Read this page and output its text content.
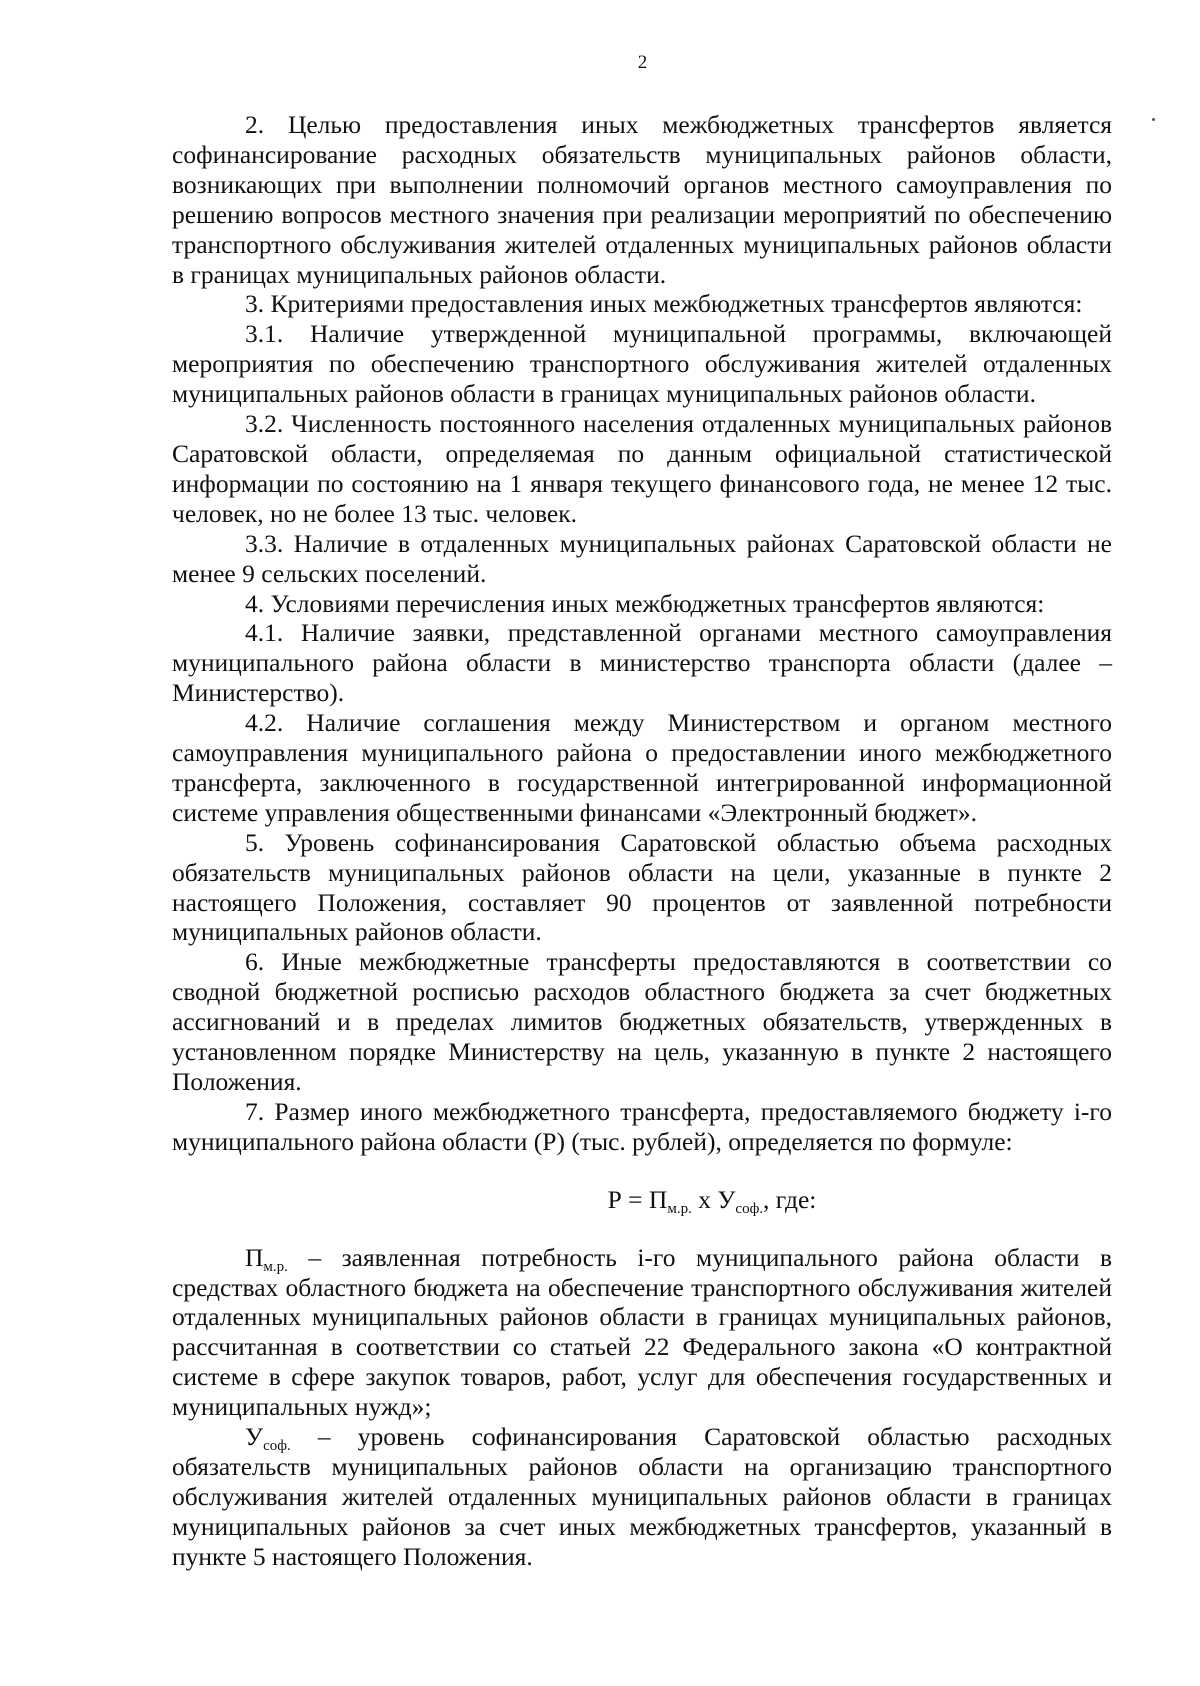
2

2. Целью предоставления иных межбюджетных трансфертов является софинансирование расходных обязательств муниципальных районов области, возникающих при выполнении полномочий органов местного самоуправления по решению вопросов местного значения при реализации мероприятий по обеспечению транспортного обслуживания жителей отдаленных муниципальных районов области в границах муниципальных районов области.

3. Критериями предоставления иных межбюджетных трансфертов являются:

3.1. Наличие утвержденной муниципальной программы, включающей мероприятия по обеспечению транспортного обслуживания жителей отдаленных муниципальных районов области в границах муниципальных районов области.

3.2. Численность постоянного населения отдаленных муниципальных районов Саратовской области, определяемая по данным официальной статистической информации по состоянию на 1 января текущего финансового года, не менее 12 тыс. человек, но не более 13 тыс. человек.

3.3. Наличие в отдаленных муниципальных районах Саратовской области не менее 9 сельских поселений.

4. Условиями перечисления иных межбюджетных трансфертов являются:

4.1. Наличие заявки, представленной органами местного самоуправления муниципального района области в министерство транспорта области (далее – Министерство).

4.2. Наличие соглашения между Министерством и органом местного самоуправления муниципального района о предоставлении иного межбюджетного трансферта, заключенного в государственной интегрированной информационной системе управления общественными финансами «Электронный бюджет».

5. Уровень софинансирования Саратовской областью объема расходных обязательств муниципальных районов области на цели, указанные в пункте 2 настоящего Положения, составляет 90 процентов от заявленной потребности муниципальных районов области.

6. Иные межбюджетные трансферты предоставляются в соответствии со сводной бюджетной росписью расходов областного бюджета за счет бюджетных ассигнований и в пределах лимитов бюджетных обязательств, утвержденных в установленном порядке Министерству на цель, указанную в пункте 2 настоящего Положения.

7. Размер иного межбюджетного трансферта, предоставляемого бюджету i-го муниципального района области (Р) (тыс. рублей), определяется по формуле:

$Р = П_{м.р.}$ х $У_{соф.}$, где:

$П_{м.р.}$ – заявленная потребность i-го муниципального района области в средствах областного бюджета на обеспечение транспортного обслуживания жителей отдаленных муниципальных районов области в границах муниципальных районов, рассчитанная в соответствии со статьей 22 Федерального закона «О контрактной системе в сфере закупок товаров, работ, услуг для обеспечения государственных и муниципальных нужд»;

$У_{соф.}$ – уровень софинансирования Саратовской областью расходных обязательств муниципальных районов области на организацию транспортного обслуживания жителей отдаленных муниципальных районов области в границах муниципальных районов за счет иных межбюджетных трансфертов, указанный в пункте 5 настоящего Положения.
